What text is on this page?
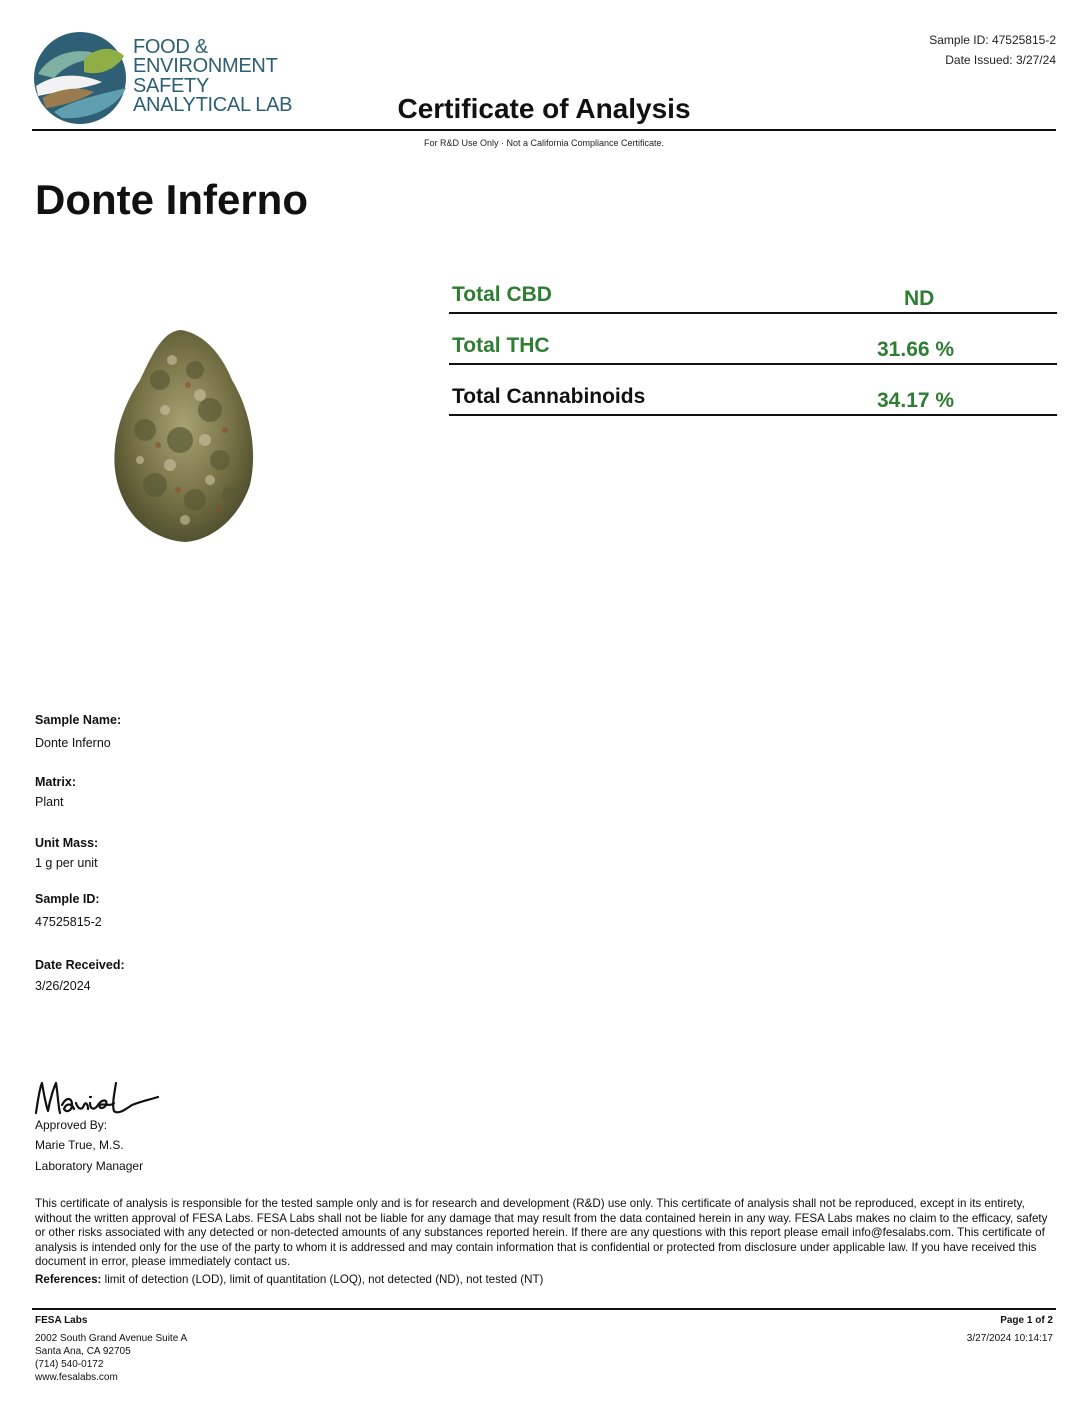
FOOD &
ENVIRONMENT
SAFETY
ANALYTICAL LAB
Sample ID: 47525815-2
Date Issued: 3/27/24
Certificate of Analysis
For R&D Use Only · Not a California Compliance Certificate.
Donte Inferno
Total CBD	ND
Total THC	31.66 %
Total Cannabinoids	34.17 %
Sample Name:
Donte Inferno
Matrix:
Plant
Unit Mass:
1 g per unit
Sample ID:
47525815-2
Date Received:
3/26/2024
Approved By:
Marie True, M.S.
Laboratory Manager
This certificate of analysis is responsible for the tested sample only and is for research and development (R&D) use only. This certificate of analysis shall not be reproduced, except in its entirety, without the written approval of FESA Labs. FESA Labs shall not be liable for any damage that may result from the data contained herein in any way. FESA Labs makes no claim to the efficacy, safety or other risks associated with any detected or non-detected amounts of any substances reported herein. If there are any questions with this report please email info@fesalabs.com. This certificate of analysis is intended only for the use of the party to whom it is addressed and may contain information that is confidential or protected from disclosure under applicable law. If you have received this document in error, please immediately contact us.
References: limit of detection (LOD), limit of quantitation (LOQ), not detected (ND), not tested (NT)
FESA Labs
2002 South Grand Avenue Suite A
Santa Ana, CA 92705
(714) 540-0172
www.fesalabs.com
Page 1 of 2
3/27/2024 10:14:17
